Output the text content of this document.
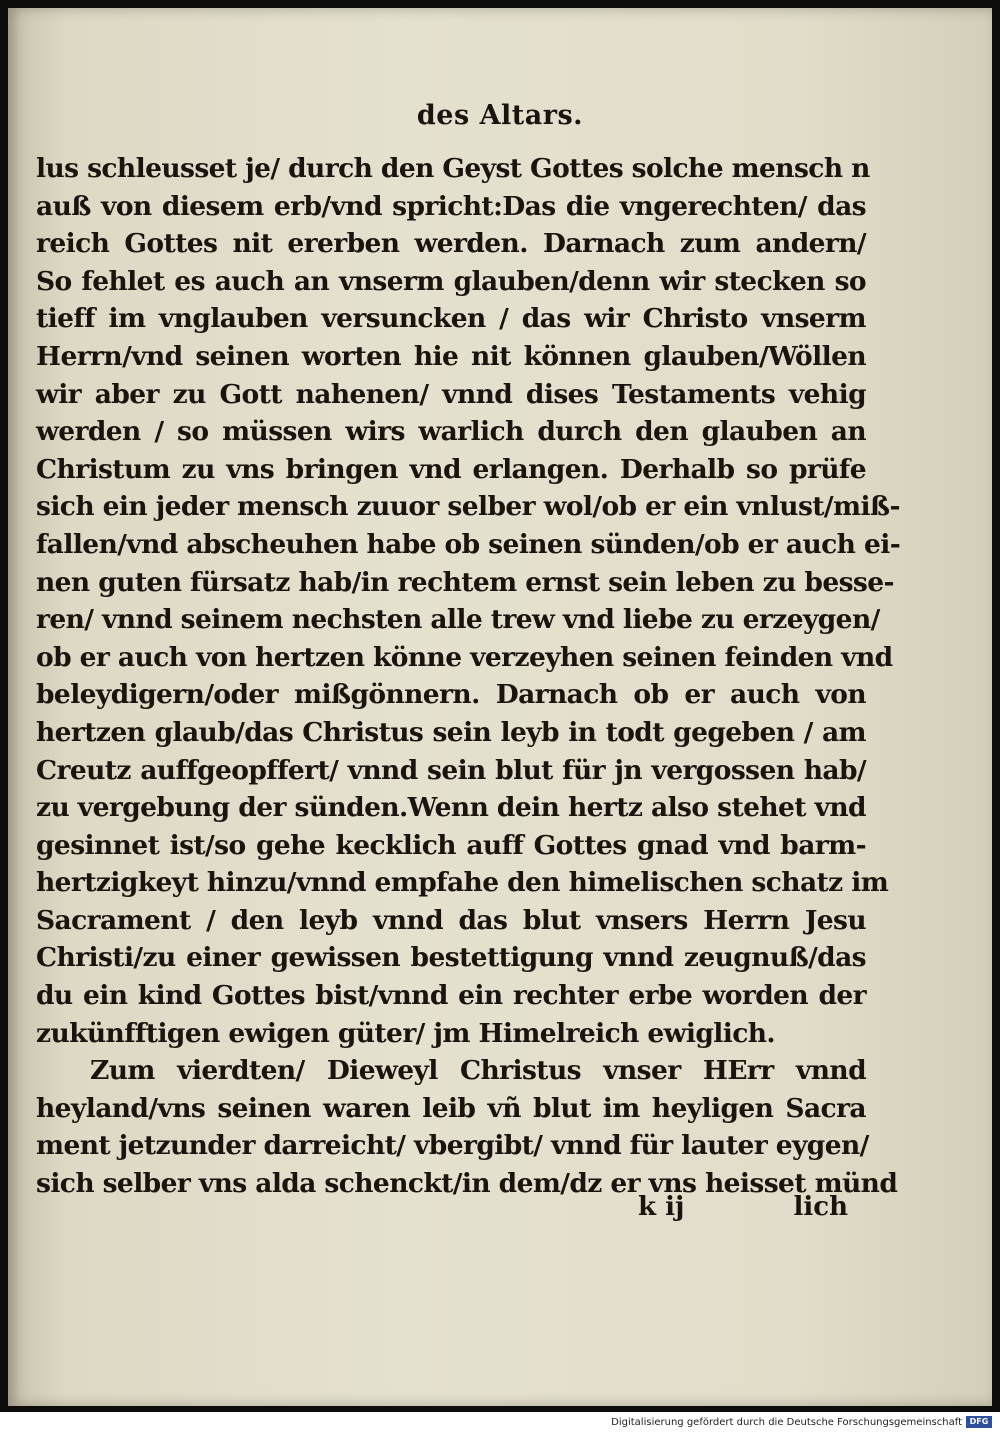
des Altars.
lus schleusset je/ durch den Geyst Gottes solche mensch n
auß von diesem erb/vnd spricht:Das die vngerechten/ das
reich Gottes nit ererben werden. Darnach zum andern/
So fehlet es auch an vnserm glauben/denn wir stecken so
tieff im vnglauben versuncken / das wir Christo vnserm
Herrn/vnd seinen worten hie nit können glauben/Wöllen
wir aber zu Gott nahenen/ vnnd dises Testaments vehig
werden / so müssen wirs warlich durch den glauben an
Christum zu vns bringen vnd erlangen. Derhalb so prüfe
sich ein jeder mensch zuuor selber wol/ob er ein vnlust/miß-
fallen/vnd abscheuhen habe ob seinen sünden/ob er auch ei-
nen guten fürsatz hab/in rechtem ernst sein leben zu besse-
ren/ vnnd seinem nechsten alle trew vnd liebe zu erzeygen/
ob er auch von hertzen könne verzeyhen seinen feinden vnd
beleydigern/oder mißgönnern. Darnach ob er auch von
hertzen glaub/das Christus sein leyb in todt gegeben / am
Creutz auffgeopffert/ vnnd sein blut für jn vergossen hab/
zu vergebung der sünden.Wenn dein hertz also stehet vnd
gesinnet ist/so gehe kecklich auff Gottes gnad vnd barm-
hertzigkeyt hinzu/vnnd empfahe den himelischen schatz im
Sacrament / den leyb vnnd das blut vnsers Herrn Jesu
Christi/zu einer gewissen bestettigung vnnd zeugnuß/das
du ein kind Gottes bist/vnnd ein rechter erbe worden der
zukünfftigen ewigen güter/ jm Himelreich ewiglich.
Zum vierdten/ Dieweyl Christus vnser HErr vnnd
heyland/vns seinen waren leib vñ blut im heyligen Sacra
ment jetzunder darreicht/ vbergibt/ vnnd für lauter eygen/
sich selber vns alda schenckt/in dem/dz er vns heisset münd
k ij	lich
Digitalisierung gefördert durch die Deutsche Forschungsgemeinschaft DFG
